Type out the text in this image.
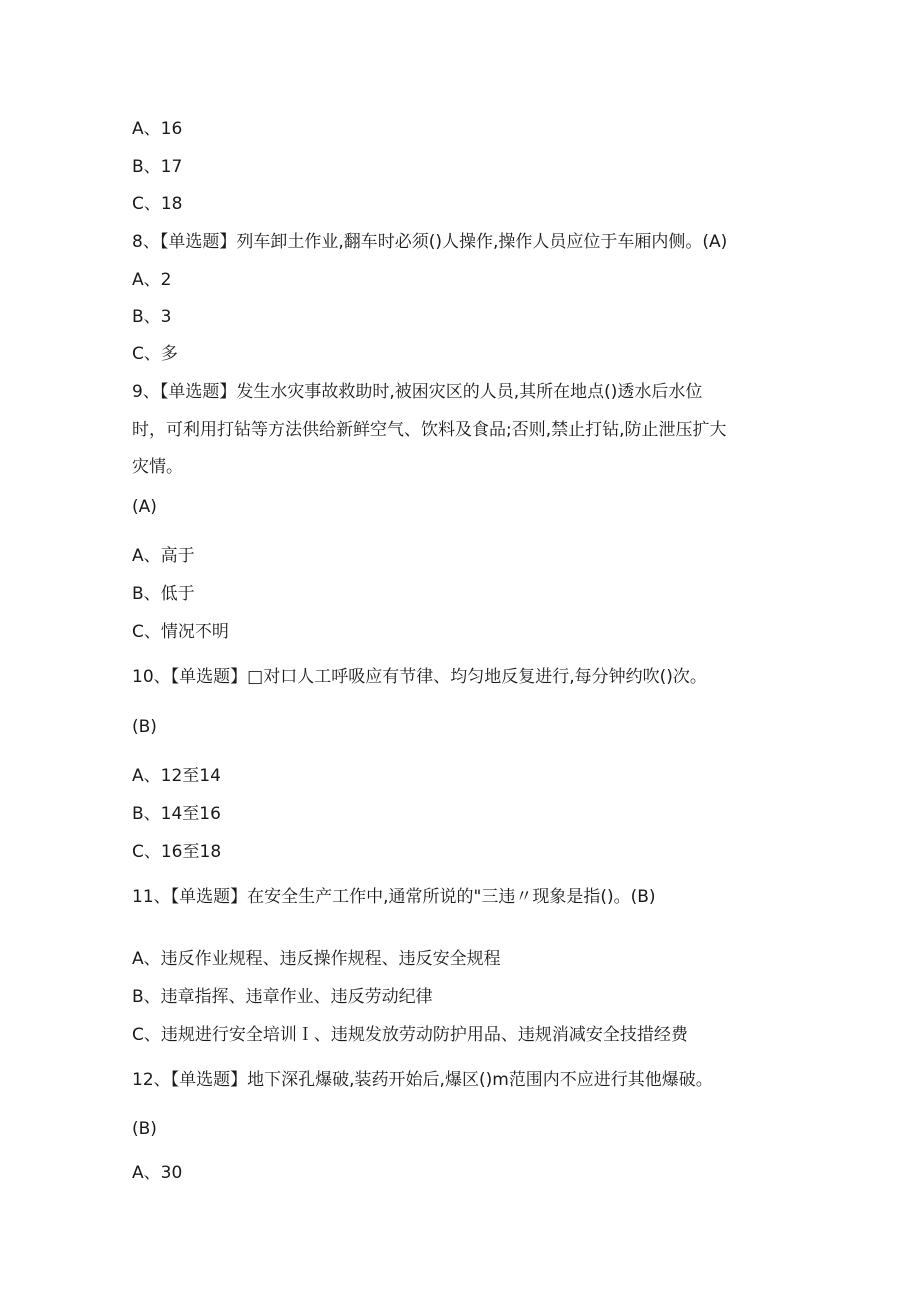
A、16
B、17
C、18
8、【单选题】列车卸土作业,翻车时必须()人操作,操作人员应位于车厢内侧。(A)
A、2
B、3
C、多
9、【单选题】发生水灾事故救助时,被困灾区的人员,其所在地点()透水后水位
时，可利用打钻等方法供给新鲜空气、饮料及食品;否则,禁止打钻,防止泄压扩大
灾情。
(A)
A、高于
B、低于
C、情况不明
10、【单选题】□对口人工呼吸应有节律、均匀地反复进行,每分钟约吹()次。
(B)
A、12至14
B、14至16
C、16至18
11、【单选题】在安全生产工作中,通常所说的"三违〃现象是指()。(B)
A、违反作业规程、违反操作规程、违反安全规程
B、违章指挥、违章作业、违反劳动纪律
C、违规进行安全培训Ｉ、违规发放劳动防护用品、违规消减安全技措经费
12、【单选题】地下深孔爆破,装药开始后,爆区()m范围内不应进行其他爆破。
(B)
A、30
